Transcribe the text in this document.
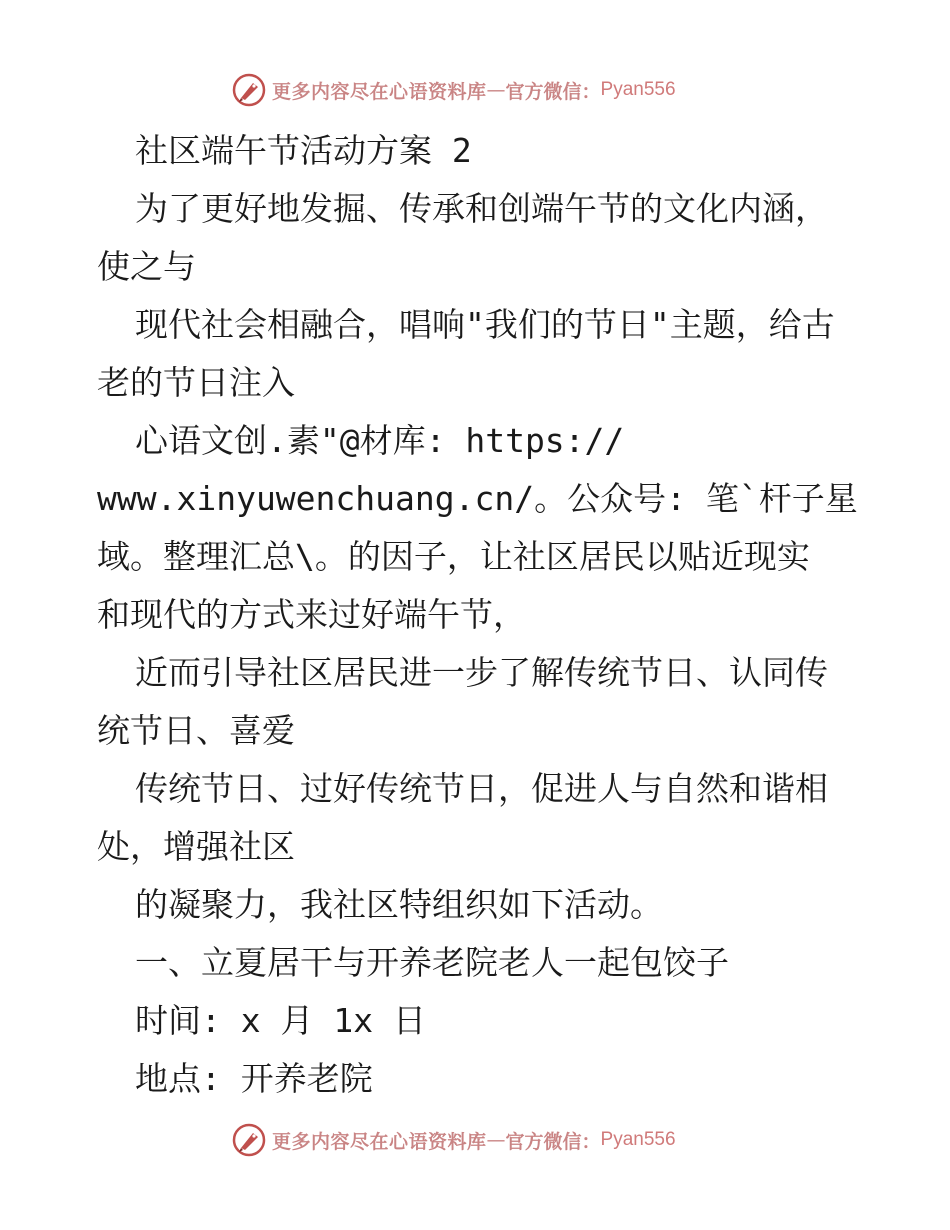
更多内容尽在心语资料库 — 官方微信： Pyan556
社区端午节活动方案 2
为了更好地发掘、传承和创端午节的文化内涵，
使之与
现代社会相融合，唱响"我们的节日"主题，给古
老的节日注入
心语文创.素"@材库: https://
www.xinyuwenchuang.cn/。公众号: 笔`杆子星
域。整理汇总\。的因子，让社区居民以贴近现实
和现代的方式来过好端午节，
近而引导社区居民进一步了解传统节日、认同传
统节日、喜爱
传统节日、过好传统节日，促进人与自然和谐相
处，增强社区
的凝聚力，我社区特组织如下活动。
一、立夏居干与开养老院老人一起包饺子
时间: x 月 1x 日
地点: 开养老院
更多内容尽在心语资料库 — 官方微信： Pyan556
